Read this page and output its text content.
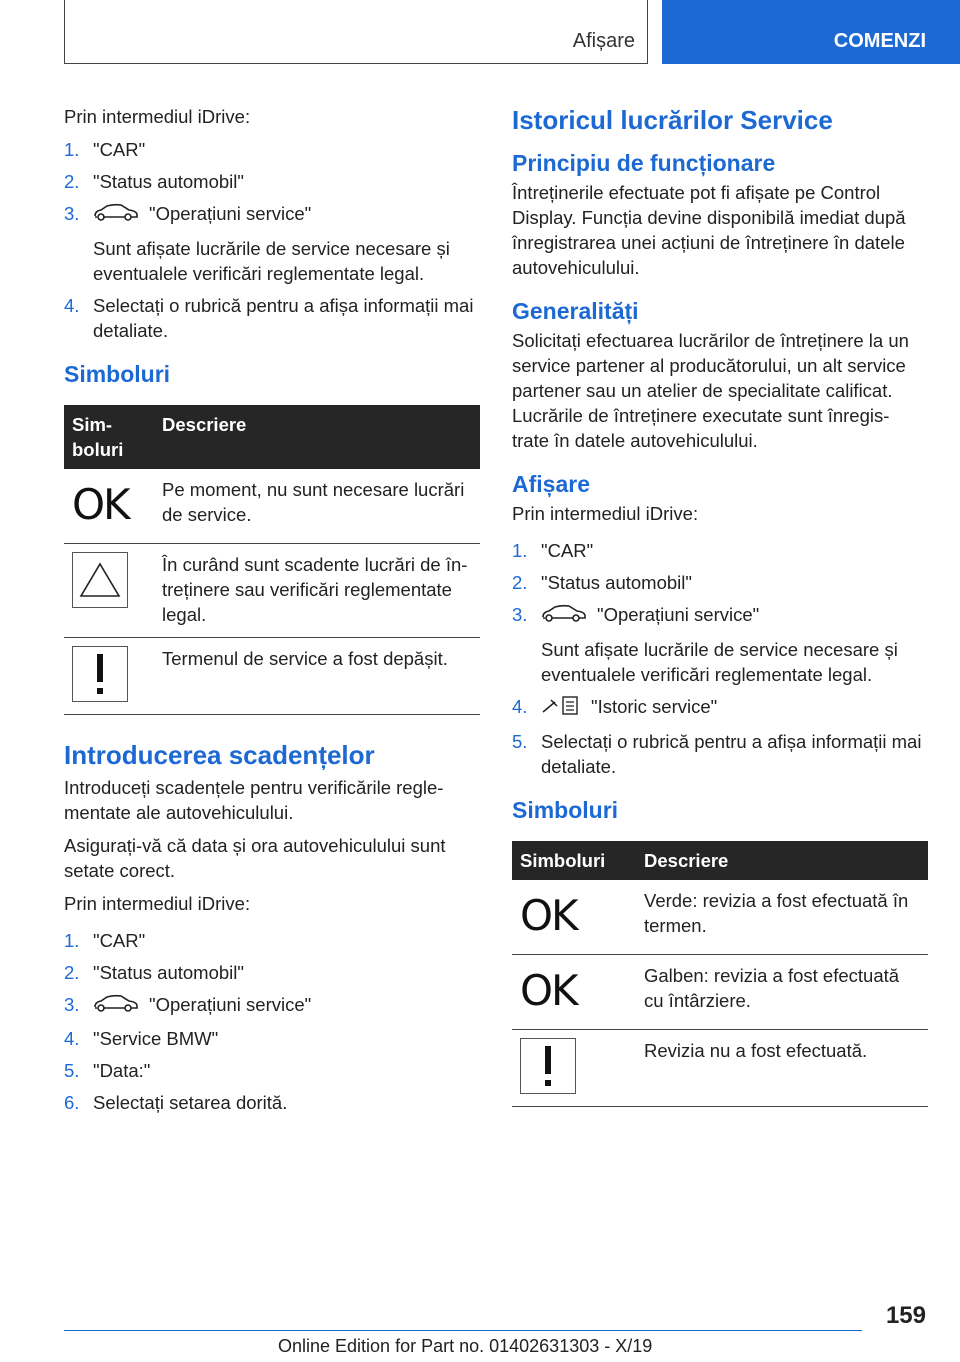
Afișare	COMENZI

Prin intermediul iDrive:

1. "CAR"
2. "Status automobil"
3.	"Operațiuni service"
Sunt afișate lucrările de service necesare și eventualele verificări reglementate legal.
4. Selectați o rubrică pentru a afișa informații mai detaliate.
Simboluri
Sim-
boluri	Descriere

OK	Pe moment, nu sunt necesare lucrări de service.

	În curând sunt scadente lucrări de în-
treținere sau verificări reglementate legal.

	Termenul de service a fost depășit.
Introducerea scadențelor

Introduceți scadențele pentru verificările regle-
mentate ale autovehiculului.

Asigurați-vă că data și ora autovehiculului sunt setate corect.

Prin intermediul iDrive:

1. "CAR"
2. "Status automobil"
3.	"Operațiuni service"
4. "Service BMW"
5. "Data:"
6. Selectați setarea dorită.
Istoricul lucrărilor Service
Principiu de funcționare

Întreținerile efectuate pot fi afișate pe Control Display. Funcția devine disponibilă imediat după înregistrarea unei acțiuni de întreținere în datele autovehiculului.

Generalități

Solicitați efectuarea lucrărilor de întreținere la un service partener al producătorului, un alt service partener sau un atelier de specialitate calificat. Lucrările de întreținere executate sunt înregis-
trate în datele autovehiculului.

Afișare

Prin intermediul iDrive:

1. "CAR"
2. "Status automobil"
3.	"Operațiuni service"
Sunt afișate lucrările de service necesare și eventualele verificări reglementate legal.
4.	"Istoric service"
5. Selectați o rubrică pentru a afișa informații mai detaliate.
Simboluri
Simboluri	Descriere

OK	Verde: revizia a fost efectuată în termen.

OK	Galben: revizia a fost efectuată cu întârziere.

	Revizia nu a fost efectuată.
159
Online Edition for Part no. 01402631303 - X/19
